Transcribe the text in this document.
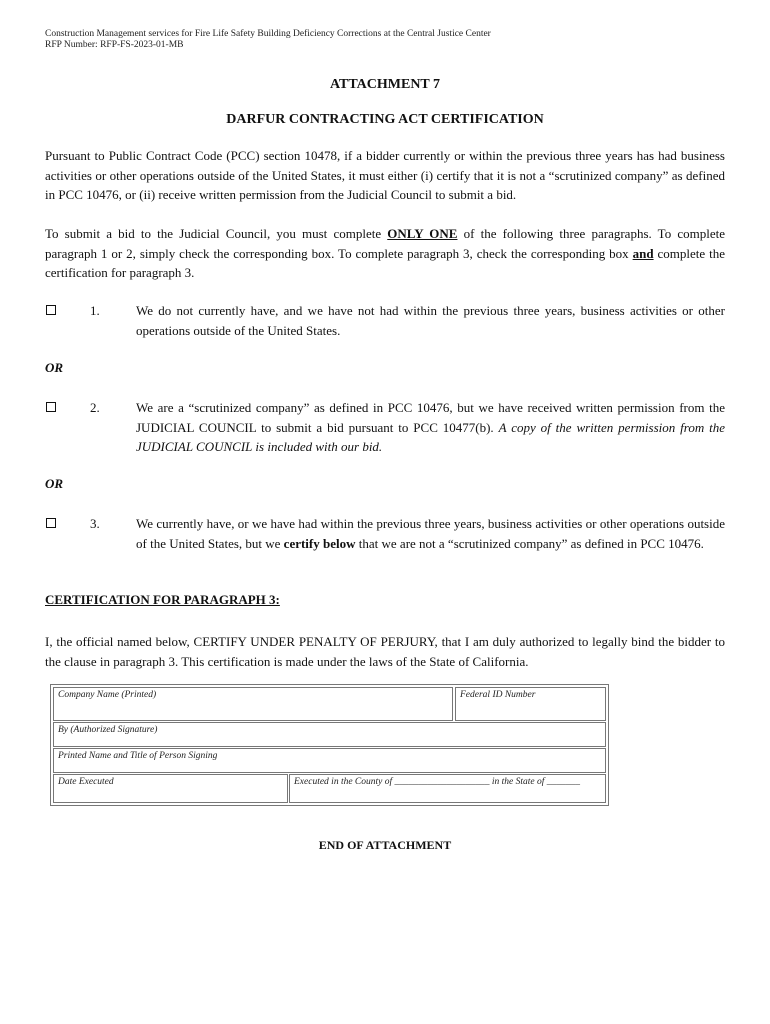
Construction Management services for Fire Life Safety Building Deficiency Corrections at the Central Justice Center
RFP Number: RFP-FS-2023-01-MB
ATTACHMENT 7
DARFUR CONTRACTING ACT CERTIFICATION
Pursuant to Public Contract Code (PCC) section 10478, if a bidder currently or within the previous three years has had business activities or other operations outside of the United States, it must either (i) certify that it is not a “scrutinized company” as defined in PCC 10476, or (ii) receive written permission from the Judicial Council to submit a bid.
To submit a bid to the Judicial Council, you must complete ONLY ONE of the following three paragraphs. To complete paragraph 1 or 2, simply check the corresponding box. To complete paragraph 3, check the corresponding box and complete the certification for paragraph 3.
1.	We do not currently have, and we have not had within the previous three years, business activities or other operations outside of the United States.
OR
2.	We are a “scrutinized company” as defined in PCC 10476, but we have received written permission from the JUDICIAL COUNCIL to submit a bid pursuant to PCC 10477(b). A copy of the written permission from the JUDICIAL COUNCIL is included with our bid.
OR
3.	We currently have, or we have had within the previous three years, business activities or other operations outside of the United States, but we certify below that we are not a “scrutinized company” as defined in PCC 10476.
CERTIFICATION FOR PARAGRAPH 3:
I, the official named below, CERTIFY UNDER PENALTY OF PERJURY, that I am duly authorized to legally bind the bidder to the clause in paragraph 3. This certification is made under the laws of the State of California.
Company Name (Printed)	Federal ID Number
By (Authorized Signature)
Printed Name and Title of Person Signing
Date Executed	Executed in the County of ____________________ in the State of _______
END OF ATTACHMENT
